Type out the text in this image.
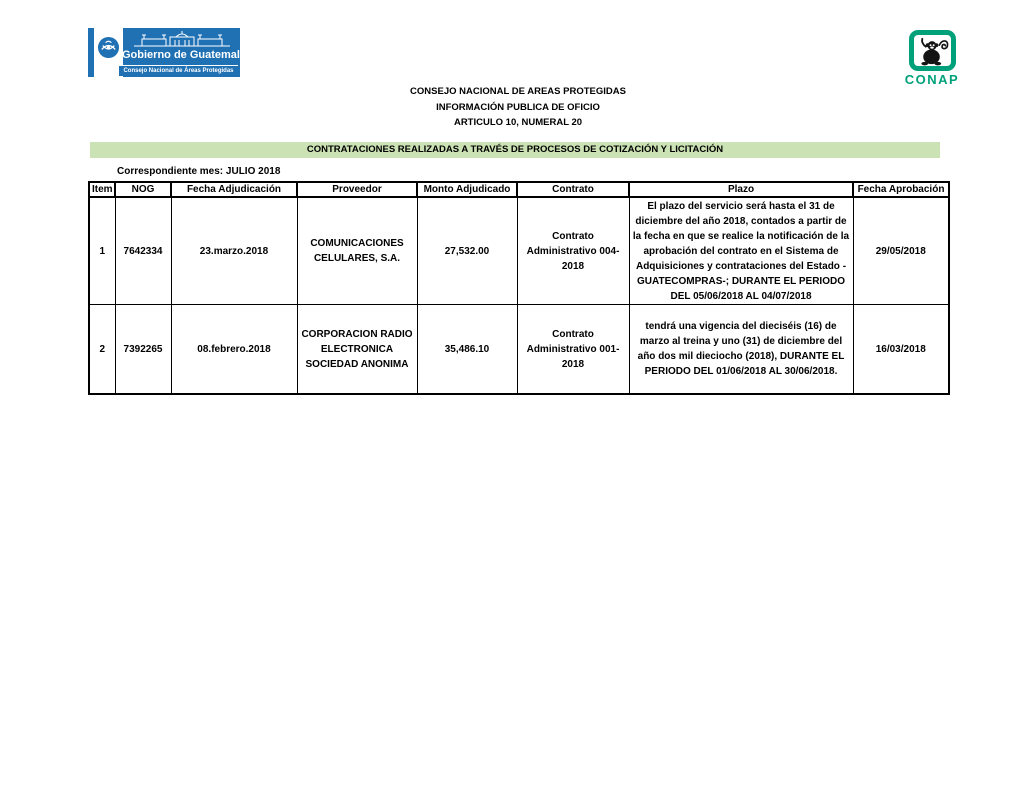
Gobierno de Guatemala
Consejo Nacional de Áreas Protegidas
CONAP
CONSEJO NACIONAL DE AREAS PROTEGIDAS
INFORMACIÓN PUBLICA DE OFICIO
ARTICULO 10, NUMERAL 20
CONTRATACIONES REALIZADAS A TRAVÉS DE PROCESOS DE COTIZACIÓN Y LICITACIÓN
Correspondiente mes: JULIO 2018
Item	NOG	Fecha Adjudicación	Proveedor	Monto Adjudicado	Contrato	Plazo	Fecha Aprobación
1	7642334	23.marzo.2018	COMUNICACIONES CELULARES, S.A.	27,532.00	Contrato Administrativo 004-2018	El plazo del servicio será hasta el 31 de diciembre del año 2018, contados a partir de la fecha en que se realice la notificación de la aprobación del contrato en el Sistema de Adquisiciones y contrataciones del Estado - GUATECOMPRAS-; DURANTE EL PERIODO DEL 05/06/2018 AL 04/07/2018	29/05/2018
2	7392265	08.febrero.2018	CORPORACION RADIO ELECTRONICA SOCIEDAD ANONIMA	35,486.10	Contrato Administrativo 001-2018	tendrá una vigencia del dieciséis (16) de marzo al treina y uno (31) de diciembre del año dos mil dieciocho (2018), DURANTE EL PERIODO DEL 01/06/2018 AL 30/06/2018.	16/03/2018
